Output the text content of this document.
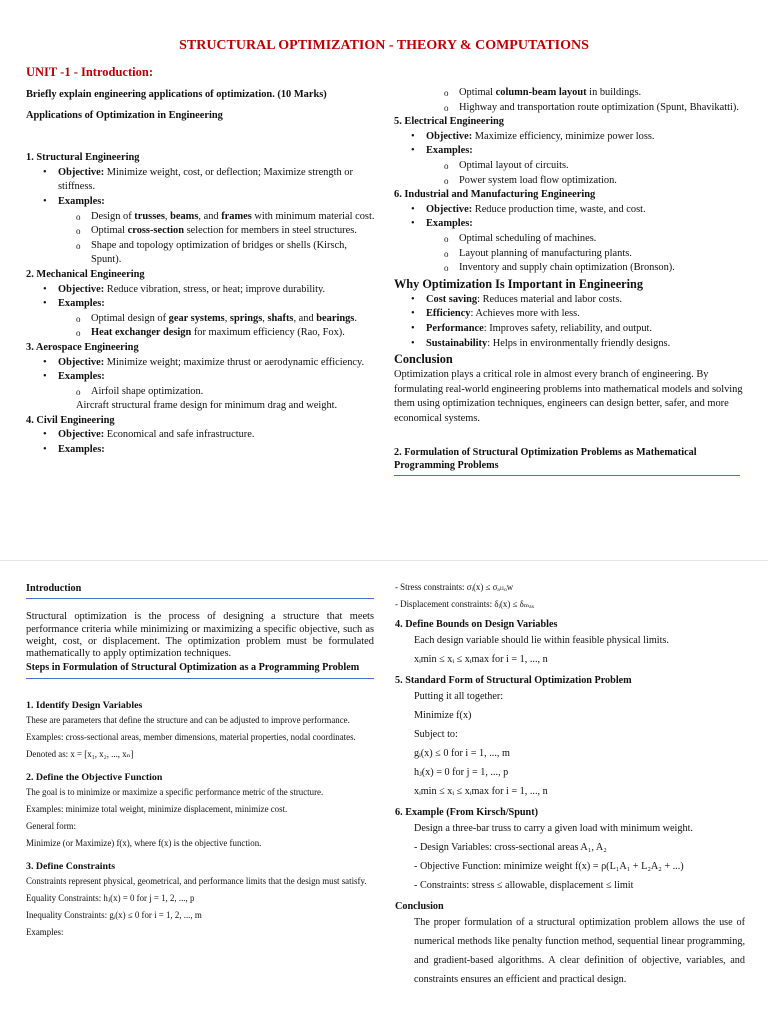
STRUCTURAL OPTIMIZATION - THEORY & COMPUTATIONS
UNIT -1 - Introduction:
Briefly explain engineering applications of optimization. (10 Marks)
Applications of Optimization in Engineering
1. Structural Engineering
• Objective: Minimize weight, cost, or deflection; Maximize strength or stiffness.
• Examples:
o Design of trusses, beams, and frames with minimum material cost.
o Optimal cross-section selection for members in steel structures.
o Shape and topology optimization of bridges or shells (Kirsch, Spunt).
2. Mechanical Engineering
• Objective: Reduce vibration, stress, or heat; improve durability.
• Examples:
o Optimal design of gear systems, springs, shafts, and bearings.
o Heat exchanger design for maximum efficiency (Rao, Fox).
3. Aerospace Engineering
• Objective: Minimize weight; maximize thrust or aerodynamic efficiency.
• Examples:
o Airfoil shape optimization.
Aircraft structural frame design for minimum drag and weight.
4. Civil Engineering
• Objective: Economical and safe infrastructure.
• Examples:
o Optimal column-beam layout in buildings.
o Highway and transportation route optimization (Spunt, Bhavikatti).
5. Electrical Engineering
• Objective: Maximize efficiency, minimize power loss.
• Examples:
o Optimal layout of circuits.
o Power system load flow optimization.
6. Industrial and Manufacturing Engineering
• Objective: Reduce production time, waste, and cost.
• Examples:
o Optimal scheduling of machines.
o Layout planning of manufacturing plants.
o Inventory and supply chain optimization (Bronson).
Why Optimization Is Important in Engineering
• Cost saving: Reduces material and labor costs.
• Efficiency: Achieves more with less.
• Performance: Improves safety, reliability, and output.
• Sustainability: Helps in environmentally friendly designs.
Conclusion
Optimization plays a critical role in almost every branch of engineering. By formulating real-world engineering problems into mathematical models and solving them using optimization techniques, engineers can design better, safer, and more economical systems.
2. Formulation of Structural Optimization Problems as Mathematical Programming Problems
Introduction
Structural optimization is the process of designing a structure that meets performance criteria while minimizing or maximizing a specific objective, such as weight, cost, or displacement. The optimization problem must be formulated mathematically to apply optimization techniques.
Steps in Formulation of Structural Optimization as a Programming Problem
1. Identify Design Variables
These are parameters that define the structure and can be adjusted to improve performance.
Examples: cross-sectional areas, member dimensions, material properties, nodal coordinates.
Denoted as: x = [x₁, x₂, ..., xₙ]
2. Define the Objective Function
The goal is to minimize or maximize a specific performance metric of the structure.
Examples: minimize total weight, minimize displacement, minimize cost.
General form:
Minimize (or Maximize) f(x), where f(x) is the objective function.
3. Define Constraints
Constraints represent physical, geometrical, and performance limits that the design must satisfy.
Equality Constraints: hⱼ(x) = 0 for j = 1, 2, ..., p
Inequality Constraints: gᵢ(x) ≤ 0 for i = 1, 2, ..., m
Examples:
- Stress constraints: σᵢ(x) ≤ σₐₗₗₒw
- Displacement constraints: δᵢ(x) ≤ δₘₐₓ
4. Define Bounds on Design Variables
Each design variable should lie within feasible physical limits.
xᵢmin ≤ xᵢ ≤ xᵢmax for i = 1, ..., n
5. Standard Form of Structural Optimization Problem
Putting it all together:
Minimize f(x)
Subject to:
gᵢ(x) ≤ 0 for i = 1, ..., m
hⱼ(x) = 0 for j = 1, ..., p
xᵢmin ≤ xᵢ ≤ xᵢmax for i = 1, ..., n
6. Example (From Kirsch/Spunt)
Design a three-bar truss to carry a given load with minimum weight.
- Design Variables: cross-sectional areas A₁, A₂
- Objective Function: minimize weight f(x) = ρ(L₁A₁ + L₂A₂ + ...)
- Constraints: stress ≤ allowable, displacement ≤ limit
Conclusion
The proper formulation of a structural optimization problem allows the use of numerical methods like penalty function method, sequential linear programming, and gradient-based algorithms. A clear definition of objective, variables, and constraints ensures an efficient and practical design.
